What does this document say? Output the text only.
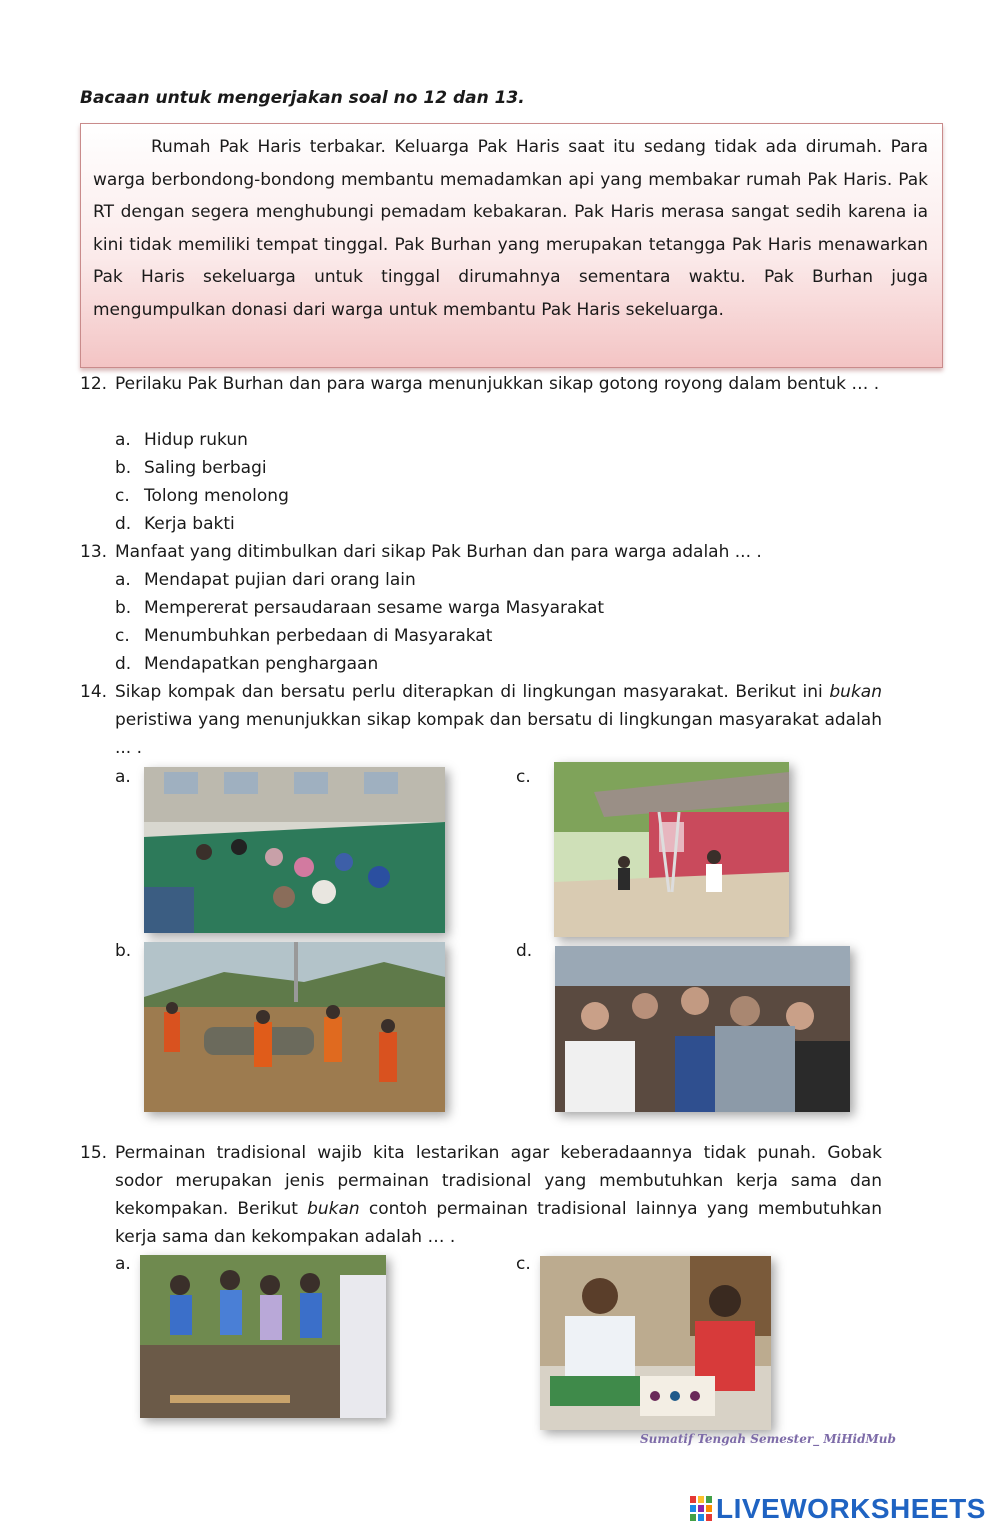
Bacaan untuk mengerjakan soal no 12 dan 13.

Rumah Pak Haris terbakar. Keluarga Pak Haris saat itu sedang tidak ada dirumah. Para warga berbondong-bondong membantu memadamkan api yang membakar rumah Pak Haris. Pak RT dengan segera menghubungi pemadam kebakaran. Pak Haris merasa sangat sedih karena ia kini tidak memiliki tempat tinggal. Pak Burhan yang merupakan tetangga Pak Haris menawarkan Pak Haris sekeluarga untuk tinggal dirumahnya sementara waktu. Pak Burhan juga mengumpulkan donasi dari warga untuk membantu Pak Haris sekeluarga.

12. Perilaku Pak Burhan dan para warga menunjukkan sikap gotong royong dalam bentuk … .
a. Hidup rukun
b. Saling berbagi
c. Tolong menolong
d. Kerja bakti
13. Manfaat yang ditimbulkan dari sikap Pak Burhan dan para warga adalah ... .
a. Mendapat pujian dari orang lain
b. Mempererat persaudaraan sesame warga Masyarakat
c. Menumbuhkan perbedaan di Masyarakat
d. Mendapatkan penghargaan
14. Sikap kompak dan bersatu perlu diterapkan di lingkungan masyarakat. Berikut ini bukan peristiwa yang menunjukkan sikap kompak dan bersatu di lingkungan masyarakat adalah ... .
a.	c.
b.	d.
15. Permainan tradisional wajib kita lestarikan agar keberadaannya tidak punah. Gobak sodor merupakan jenis permainan tradisional yang membutuhkan kerja sama dan kekompakan. Berikut bukan contoh permainan tradisional lainnya yang membutuhkan kerja sama dan kekompakan adalah … .
a.	c.
Sumatif Tengah Semester_ MiHidMub
LIVEWORKSHEETS
